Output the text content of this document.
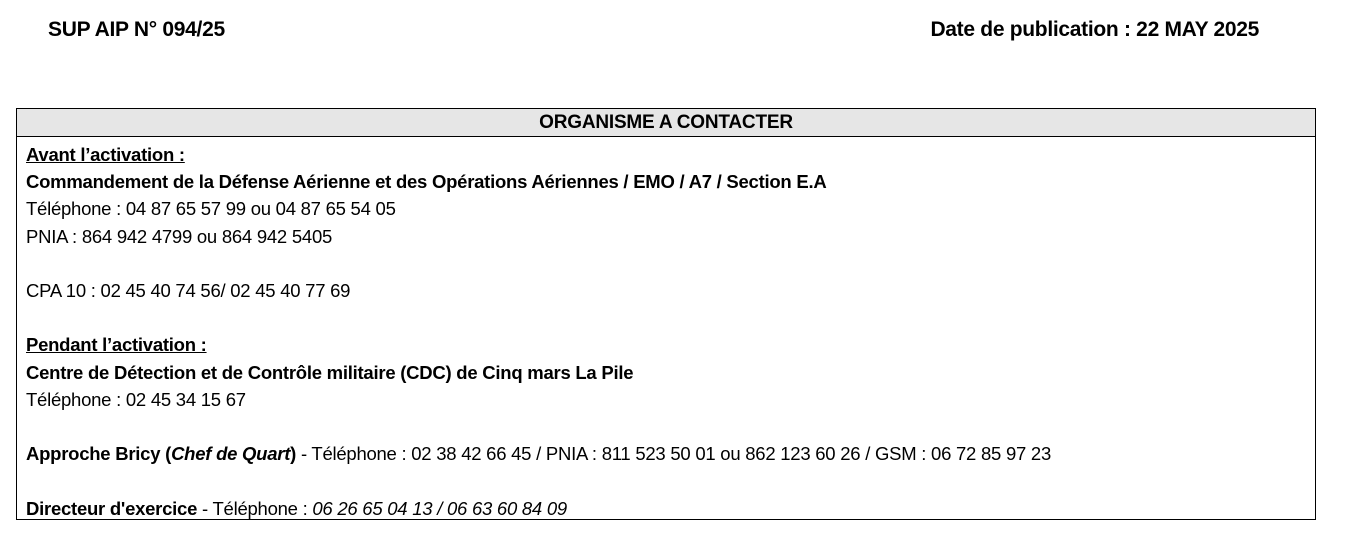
SUP AIP N° 094/25	Date de publication : 22 MAY 2025
ORGANISME A CONTACTER
Avant l’activation :
Commandement de la Défense Aérienne et des Opérations Aériennes / EMO / A7 / Section E.A
Téléphone : 04 87 65 57 99 ou 04 87 65 54 05
PNIA : 864 942 4799 ou 864 942 5405
CPA 10 : 02 45 40 74 56/ 02 45 40 77 69
Pendant l’activation :
Centre de Détection et de Contrôle militaire (CDC) de Cinq mars La Pile
Téléphone : 02 45 34 15 67
Approche Bricy (Chef de Quart) - Téléphone : 02 38 42 66 45 / PNIA : 811 523 50 01 ou 862 123 60 26 / GSM : 06 72 85 97 23
Directeur d'exercice - Téléphone : 06 26 65 04 13 / 06 63 60 84 09
